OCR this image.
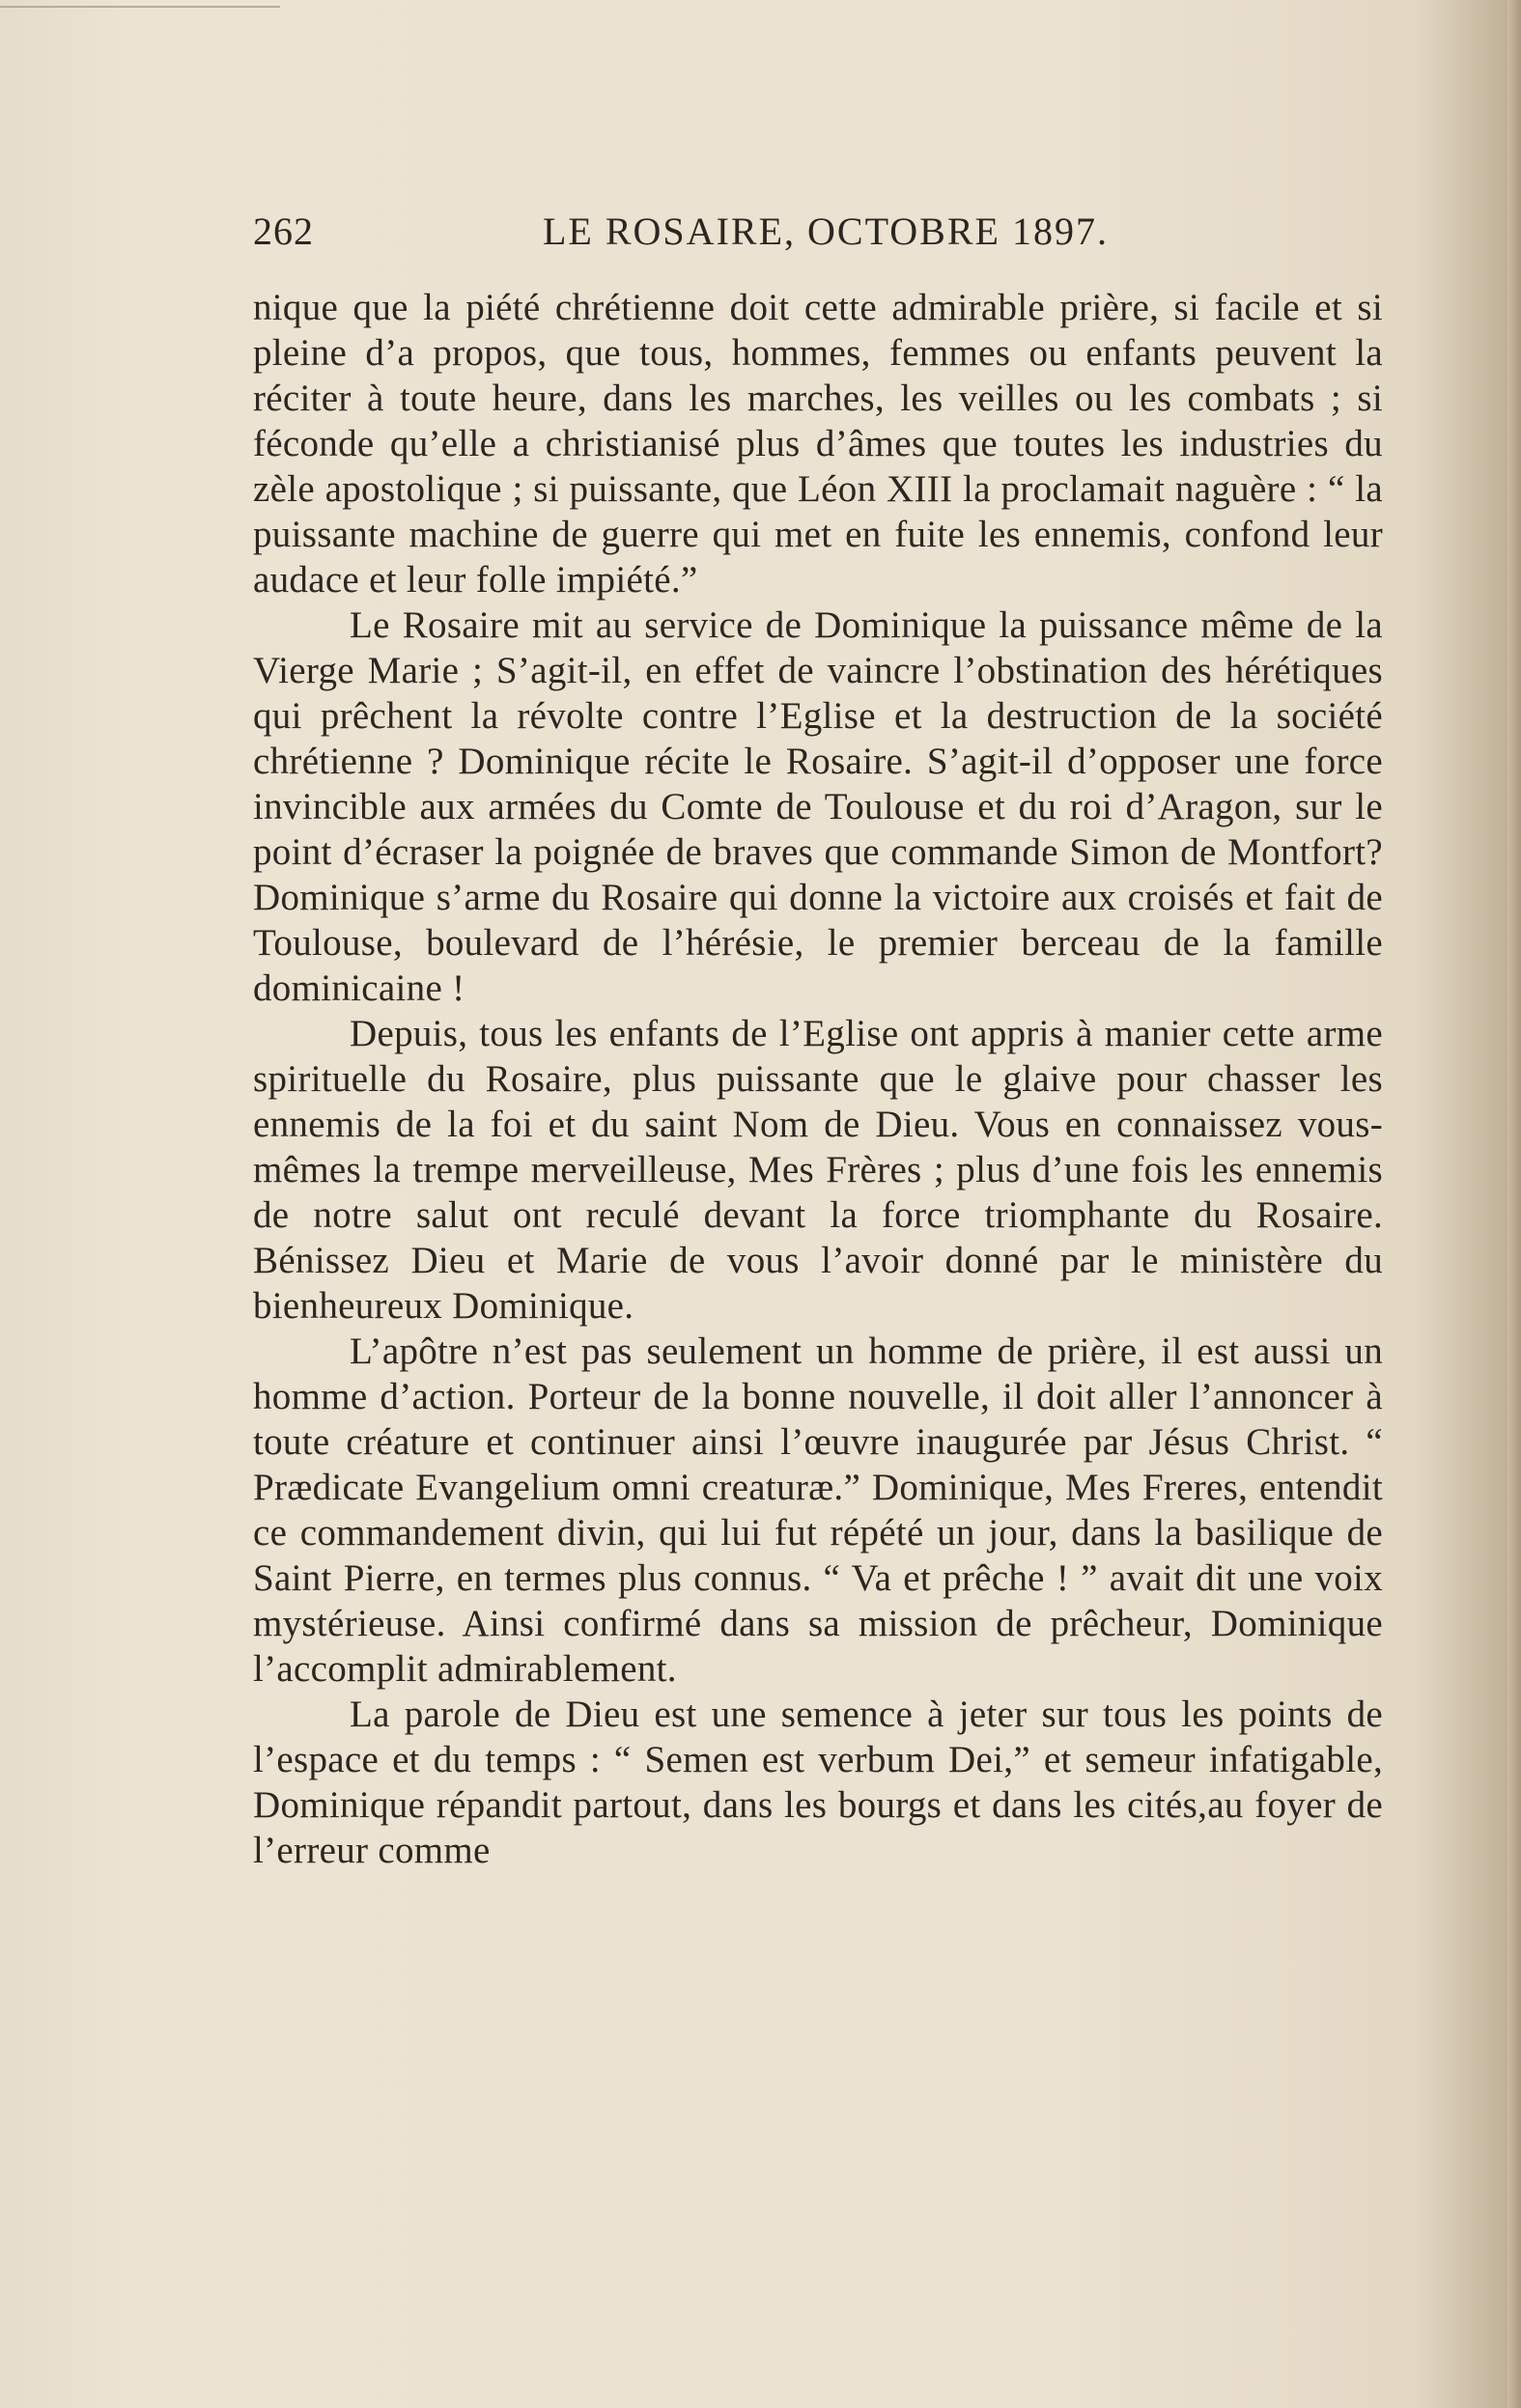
262	LE ROSAIRE, OCTOBRE 1897.

nique que la piété chrétienne doit cette admirable prière, si facile et si pleine d’a propos, que tous, hommes, femmes ou enfants peuvent la réciter à toute heure, dans les marches, les veilles ou les combats ; si féconde qu’elle a christianisé plus d’âmes que toutes les industries du zèle apostolique ; si puissante, que Léon XIII la proclamait naguère : “ la puissante machine de guerre qui met en fuite les ennemis, confond leur audace et leur folle impiété.”

Le Rosaire mit au service de Dominique la puissance même de la Vierge Marie ; S’agit-il, en effet de vaincre l’obstination des hérétiques qui prêchent la révolte contre l’Eglise et la destruction de la société chrétienne ? Dominique récite le Rosaire. S’agit-il d’opposer une force invincible aux armées du Comte de Toulouse et du roi d’Aragon, sur le point d’écraser la poignée de braves que commande Simon de Montfort? Dominique s’arme du Rosaire qui donne la victoire aux croisés et fait de Toulouse, boulevard de l’hérésie, le premier berceau de la famille dominicaine !

Depuis, tous les enfants de l’Eglise ont appris à manier cette arme spirituelle du Rosaire, plus puissante que le glaive pour chasser les ennemis de la foi et du saint Nom de Dieu. Vous en connaissez vous-mêmes la trempe merveilleuse, Mes Frères ; plus d’une fois les ennemis de notre salut ont reculé devant la force triomphante du Rosaire. Bénissez Dieu et Marie de vous l’avoir donné par le ministère du bienheureux Dominique.

L’apôtre n’est pas seulement un homme de prière, il est aussi un homme d’action. Porteur de la bonne nouvelle, il doit aller l’annoncer à toute créature et continuer ainsi l’œuvre inaugurée par Jésus Christ. “ Prædicate Evangelium omni creaturæ.” Dominique, Mes Freres, entendit ce commandement divin, qui lui fut répété un jour, dans la basilique de Saint Pierre, en termes plus connus. “ Va et prêche ! ” avait dit une voix mystérieuse. Ainsi confirmé dans sa mission de prêcheur, Dominique l’accomplit admirablement.

La parole de Dieu est une semence à jeter sur tous les points de l’espace et du temps : “ Semen est verbum Dei,” et semeur infatigable, Dominique répandit partout, dans les bourgs et dans les cités,au foyer de l’erreur comme
